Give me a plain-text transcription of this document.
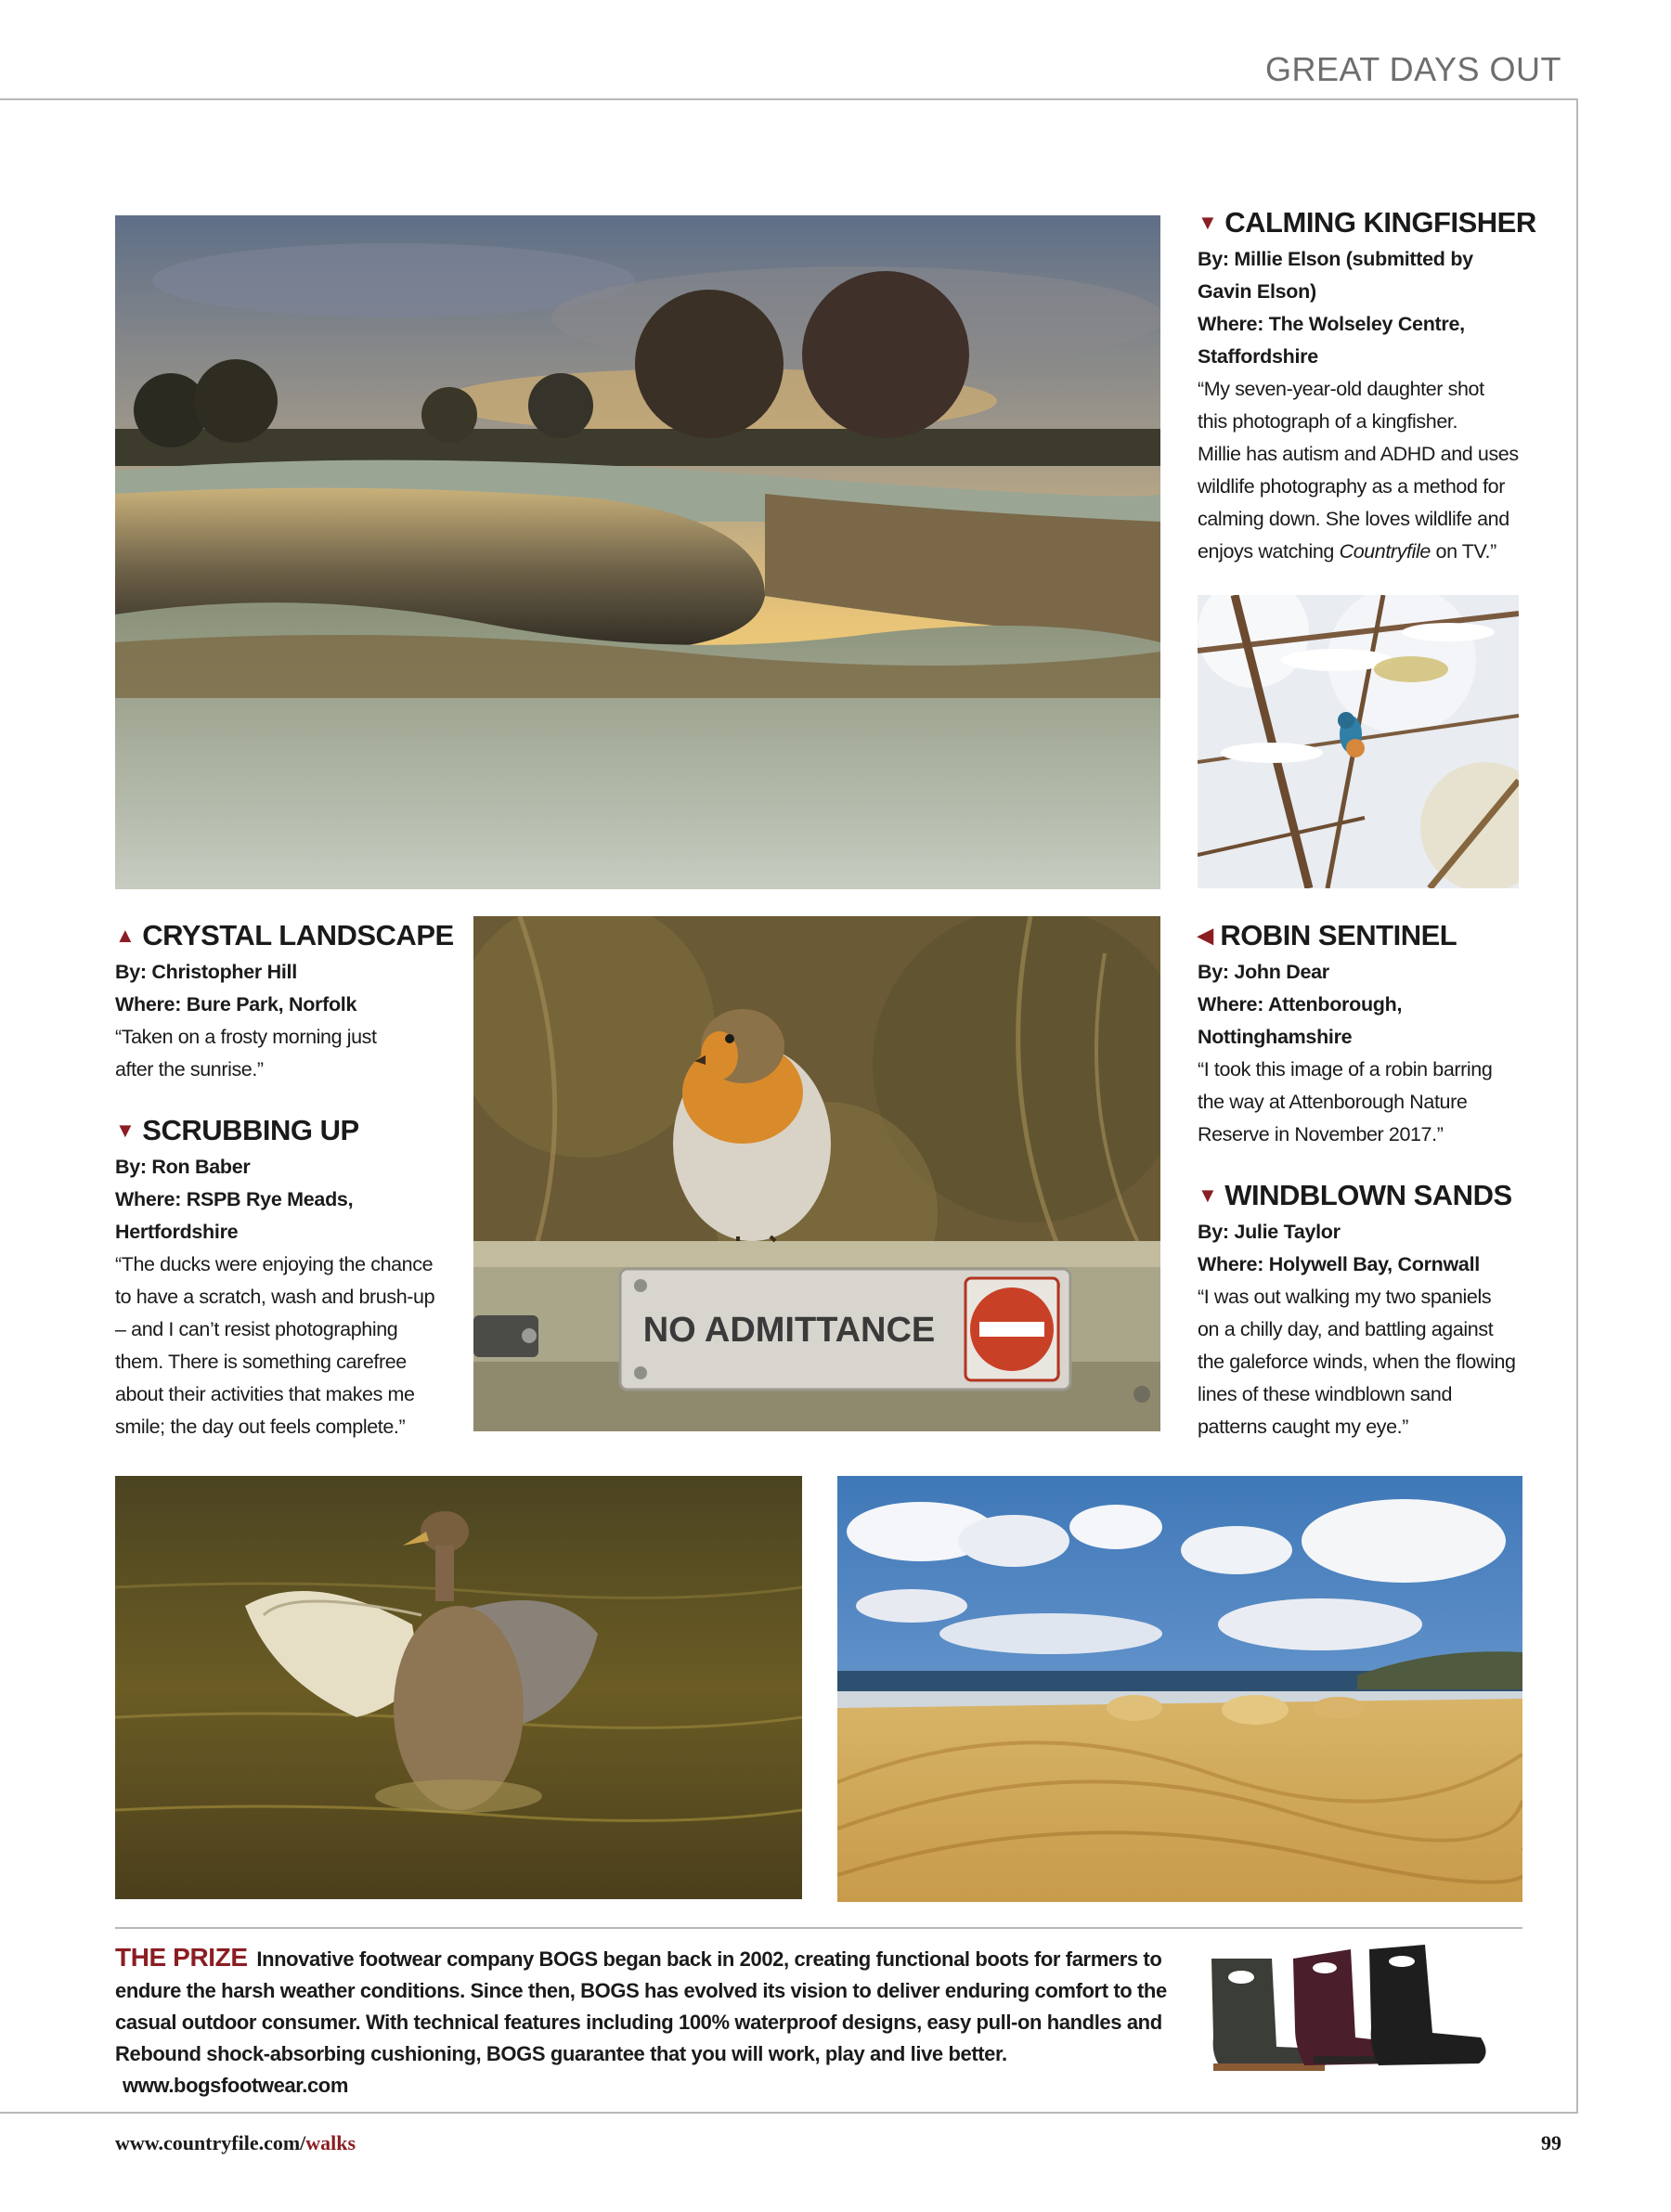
GREAT DAYS OUT
NO ADMITTANCE
▼ CALMING KINGFISHER
By: Millie Elson (submitted by
Gavin Elson)
Where: The Wolseley Centre,
Staffordshire
“My seven-year-old daughter shot
this photograph of a kingfisher.
Millie has autism and ADHD and uses
wildlife photography as a method for
calming down. She loves wildlife and
enjoys watching Countryfile on TV.”
▲ CRYSTAL LANDSCAPE
By: Christopher Hill
Where: Bure Park, Norfolk
“Taken on a frosty morning just
after the sunrise.”
▼ SCRUBBING UP
By: Ron Baber
Where: RSPB Rye Meads,
Hertfordshire
“The ducks were enjoying the chance
to have a scratch, wash and brush-up
– and I can’t resist photographing
them. There is something carefree
about their activities that makes me
smile; the day out feels complete.”
◀ ROBIN SENTINEL
By: John Dear
Where: Attenborough,
Nottinghamshire
“I took this image of a robin barring
the way at Attenborough Nature
Reserve in November 2017.”
▼ WINDBLOWN SANDS
By: Julie Taylor
Where: Holywell Bay, Cornwall
“I was out walking my two spaniels
on a chilly day, and battling against
the galeforce winds, when the flowing
lines of these windblown sand
patterns caught my eye.”
THE PRIZE Innovative footwear company BOGS began back in 2002, creating functional boots for farmers to endure the harsh weather conditions. Since then, BOGS has evolved its vision to deliver enduring comfort to the casual outdoor consumer. With technical features including 100% waterproof designs, easy pull-on handles and Rebound shock-absorbing cushioning, BOGS guarantee that you will work, play and live better. www.bogsfootwear.com
www.countryfile.com/walks	99
